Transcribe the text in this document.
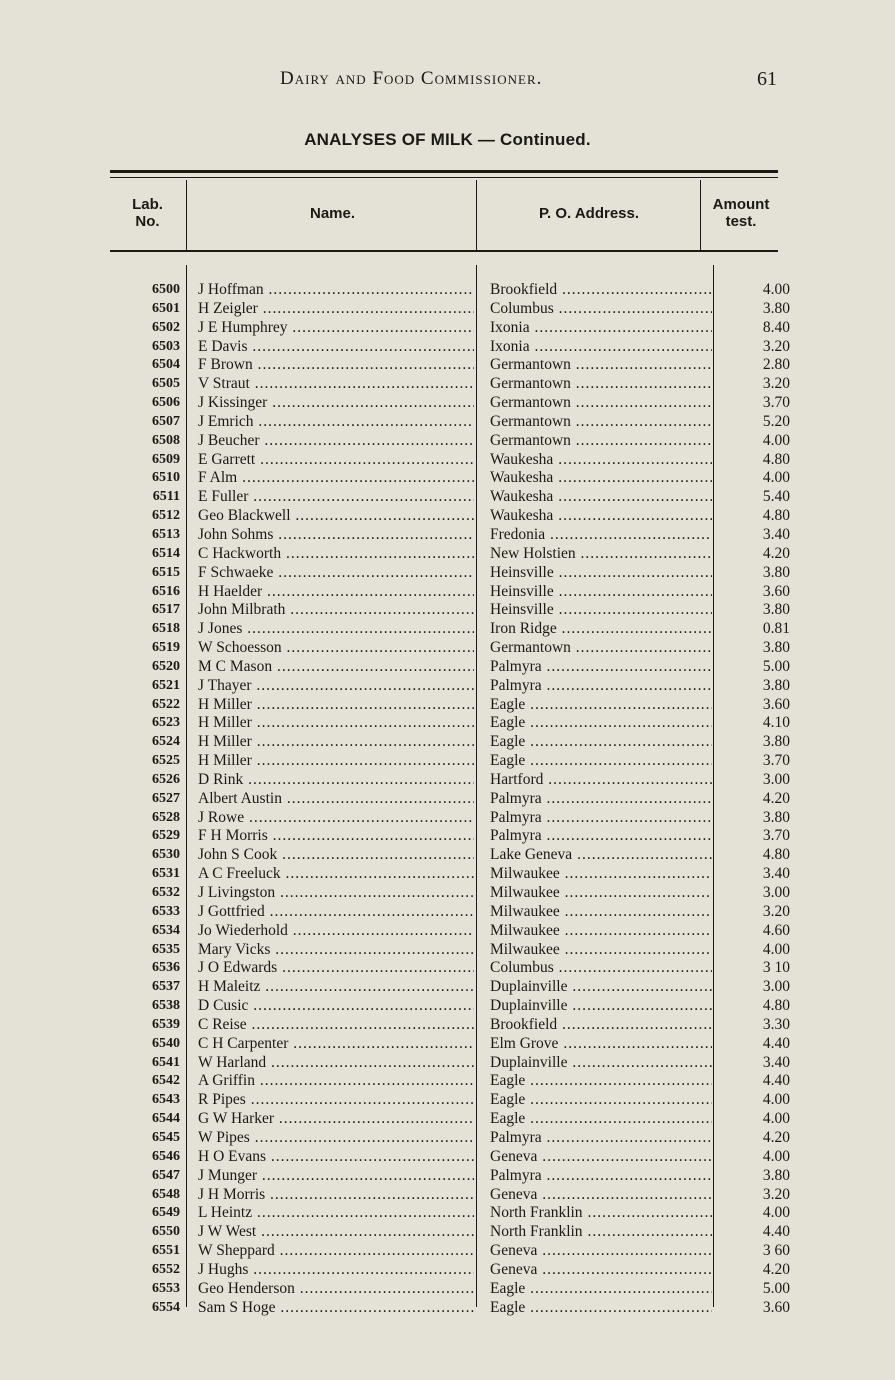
Dairy and Food Commissioner.	61
ANALYSES OF MILK — Continued.
Lab.
No.	Name.	P. O. Address.
Amount
test.
6500 J Hoffman .....	Brookfield .....	4.00
6501 H Zeigler .....	Columbus .....	3.80
6502 J E Humphrey .....	Ixonia .....	8.40
6503 E Davis .....	Ixonia .....	3.20
6504 F Brown .....	Germantown .....	2.80
6505 V Straut .....	Germantown .....	3.20
6506 J Kissinger .....	Germantown .....	3.70
6507 J Emrich .....	Germantown .....	5.20
6508 J Beucher .....	Germantown .....	4.00
6509 E Garrett .....	Waukesha .....	4.80
6510 F Alm .....	Waukesha .....	4.00
6511 E Fuller .....	Waukesha .....	5.40
6512 Geo Blackwell .....	Waukesha .....	4.80
6513 John Sohms .....	Fredonia .....	3.40
6514 C Hackworth .....	New Holstien .....	4.20
6515 F Schwaeke .....	Heinsville .....	3.80
6516 H Haelder .....	Heinsville .....	3.60
6517 John Milbrath .....	Heinsville .....	3.80
6518 J Jones .....	Iron Ridge .....	0.81
6519 W Schoesson .....	Germantown .....	3.80
6520 M C Mason .....	Palmyra .....	5.00
6521 J Thayer .....	Palmyra .....	3.80
6522 H Miller .....	Eagle .....	3.60
6523 H Miller .....	Eagle .....	4.10
6524 H Miller .....	Eagle .....	3.80
6525 H Miller .....	Eagle .....	3.70
6526 D Rink .....	Hartford .....	3.00
6527 Albert Austin .....	Palmyra .....	4.20
6528 J Rowe .....	Palmyra .....	3.80
6529 F H Morris .....	Palmyra .....	3.70
6530 John S Cook .....	Lake Geneva .....	4.80
6531 A C Freeluck .....	Milwaukee .....	3.40
6532 J Livingston .....	Milwaukee .....	3.00
6533 J Gottfried .....	Milwaukee .....	3.20
6534 Jo Wiederhold .....	Milwaukee .....	4.60
6535 Mary Vicks .....	Milwaukee .....	4.00
6536 J O Edwards .....	Columbus .....	3 10
6537 H Maleitz .....	Duplainville .....	3.00
6538 D Cusic .....	Duplainville .....	4.80
6539 C Reise .....	Brookfield .....	3.30
6540 C H Carpenter .....	Elm Grove .....	4.40
6541 W Harland .....	Duplainville .....	3.40
6542 A Griffin .....	Eagle .....	4.40
6543 R Pipes .....	Eagle .....	4.00
6544 G W Harker .....	Eagle .....	4.00
6545 W Pipes .....	Palmyra .....	4.20
6546 H O Evans .....	Geneva .....	4.00
6547 J Munger .....	Palmyra .....	3.80
6548 J H Morris .....	Geneva .....	3.20
6549 L Heintz .....	North Franklin .....	4.00
6550 J W West .....	North Franklin .....	4.40
6551 W Sheppard .....	Geneva .....	3 60
6552 J Hughs .....	Geneva .....	4.20
6553 Geo Henderson .....	Eagle .....	5.00
6554 Sam S Hoge .....	Eagle .....	3.60
